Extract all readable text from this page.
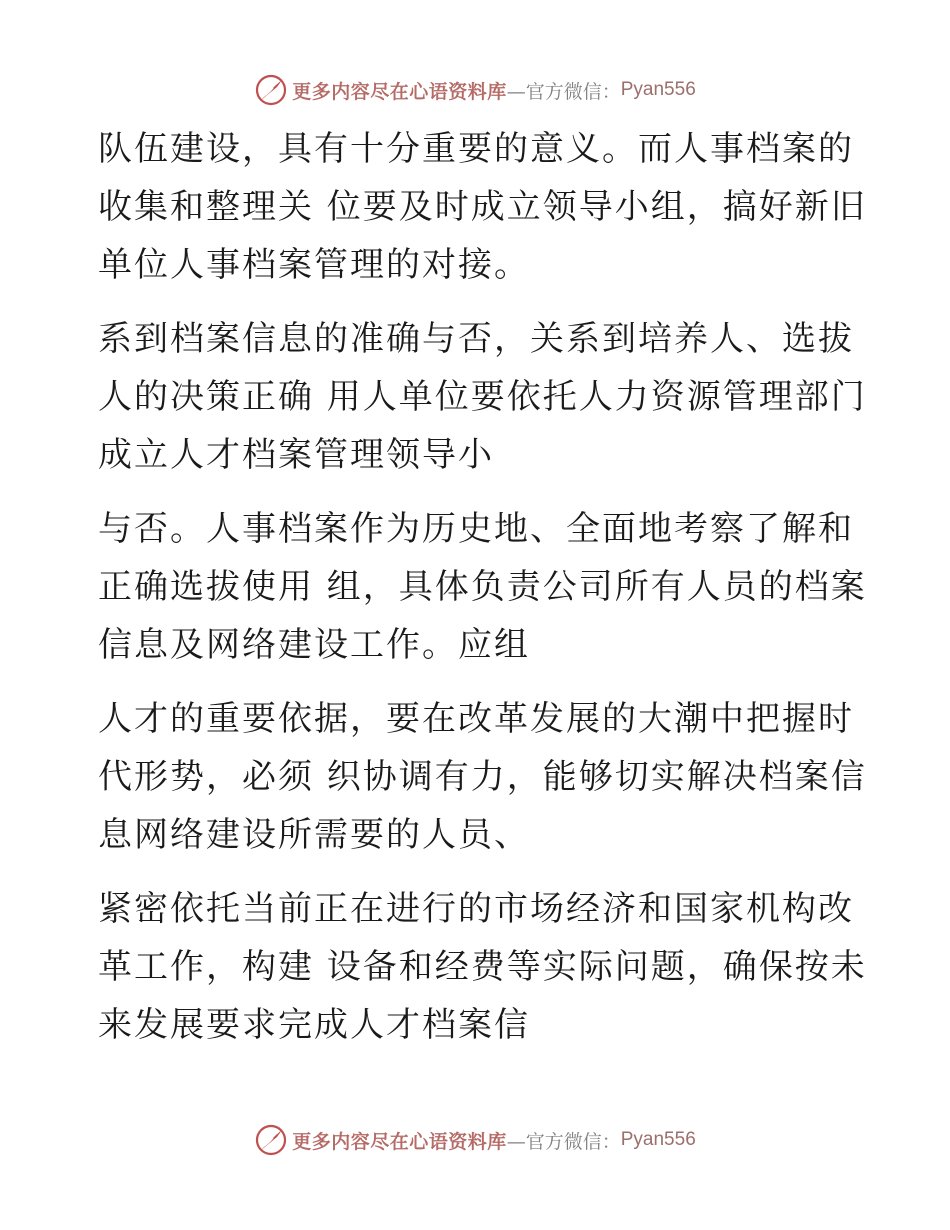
更多内容尽在心语资料库 —官方微信： Pyan556
队伍建设，具有十分重要的意义。而人事档案的
收集和整理关 位要及时成立领导小组，搞好新旧
单位人事档案管理的对接。
系到档案信息的准确与否，关系到培养人、选拔
人的决策正确 用人单位要依托人力资源管理部门
成立人才档案管理领导小
与否。人事档案作为历史地、全面地考察了解和
正确选拔使用 组，具体负责公司所有人员的档案
信息及网络建设工作。应组
人才的重要依据，要在改革发展的大潮中把握时
代形势，必须 织协调有力，能够切实解决档案信
息网络建设所需要的人员、
紧密依托当前正在进行的市场经济和国家机构改
革工作，构建 设备和经费等实际问题，确保按未
来发展要求完成人才档案信
更多内容尽在心语资料库 —官方微信： Pyan556
